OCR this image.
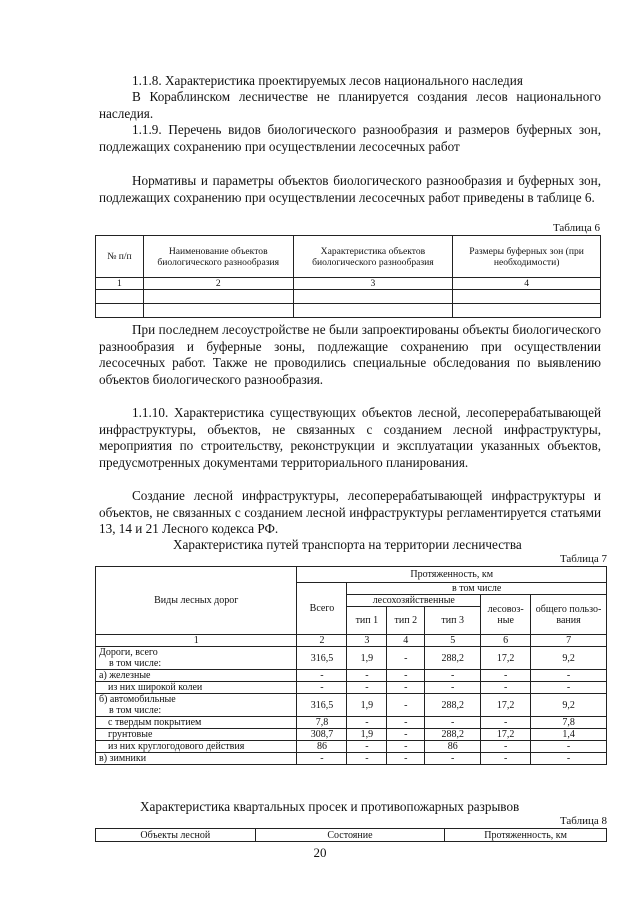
1.1.8. Характеристика проектируемых лесов национального наследия

В Кораблинском лесничестве не планируется создания лесов национального наследия.

1.1.9. Перечень видов биологического разнообразия и размеров буферных зон, подлежащих сохранению при осуществлении лесосечных работ

Нормативы и параметры объектов биологического разнообразия и буферных зон, подлежащих сохранению при осуществлении лесосечных работ приведены в таблице 6.

Таблица 6
№ п/п	Наименование объектов биологического разнообразия	Характеристика объектов биологического разнообразия	Размеры буферных зон (при необходимости)
1	2	3	4

При последнем лесоустройстве не были запроектированы объекты биологического разнообразия и буферные зоны, подлежащие сохранению при осуществлении лесосечных работ. Также не проводились специальные обследования по выявлению объектов биологического разнообразия.

1.1.10. Характеристика существующих объектов лесной, лесоперерабатывающей инфраструктуры, объектов, не связанных с созданием лесной инфраструктуры, мероприятия по строительству, реконструкции и эксплуатации указанных объектов, предусмотренных документами территориального планирования.

Создание лесной инфраструктуры, лесоперерабатывающей инфраструктуры и объектов, не связанных с созданием лесной инфраструктуры регламентируется статьями 13, 14 и 21 Лесного кодекса РФ.

Характеристика путей транспорта на территории лесничества
Таблица 7
Виды лесных дорог	Протяженность, км					
	Всего	в том числе				
		лесохозяйственные			лесовоз-ные	общего пользо-вания
		тип 1	тип 2	тип 3		
1	2	3	4	5	6	7
Дороги, всего
в том числе:	316,5	1,9	-	288,2	17,2	9,2
а) железные	-	-	-	-	-	-
из них широкой колеи	-	-	-	-	-	-
б) автомобильные
в том числе:	316,5	1,9	-	288,2	17,2	9,2
с твердым покрытием	7,8	-	-	-	-	7,8
грунтовые	308,7	1,9	-	288,2	17,2	1,4
из них круглогодового действия	86	-	-	86	-	-
в) зимники	-	-	-	-	-	-
Характеристика квартальных просек и противопожарных разрывов
Таблица 8
Объекты лесной	Состояние	Протяженность, км
20
